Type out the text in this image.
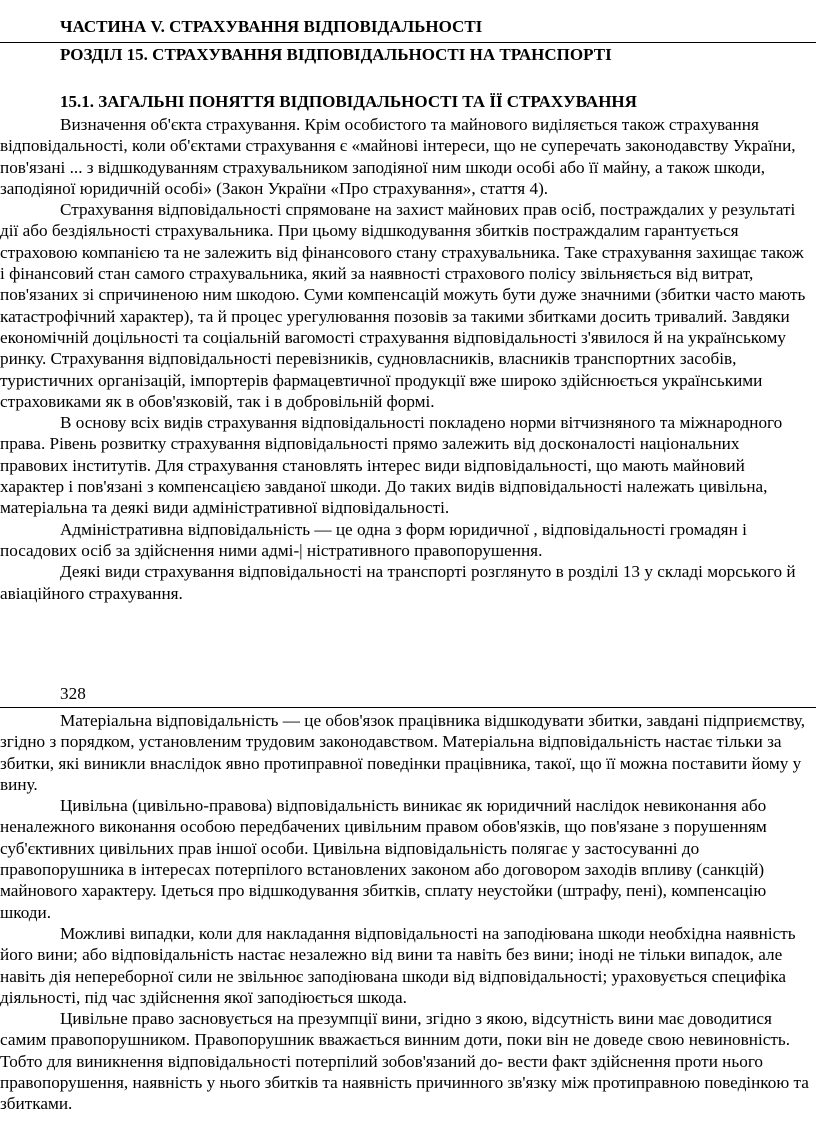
ЧАСТИНА V. СТРАХУВАННЯ ВІДПОВІДАЛЬНОСТІ
РОЗДІЛ 15. СТРАХУВАННЯ ВІДПОВІДАЛЬНОСТІ НА ТРАНСПОРТІ
15.1. ЗАГАЛЬНІ ПОНЯТТЯ ВІДПОВІДАЛЬНОСТІ ТА ЇЇ СТРАХУВАННЯ

Визначення об'єкта страхування. Крім особистого та майнового виділяється також страхування відповідальності, коли об'єктами страхування є «майнові інтереси, що не суперечать законодавству України, пов'язані ... з відшкодуванням страхувальником заподіяної ним шкоди особі або її майну, а також шкоди, заподіяної юридичній особі» (Закон України «Про страхування», стаття 4).

Страхування відповідальності спрямоване на захист майнових прав осіб, постраждалих у результаті дії або бездіяльності страхувальника. При цьому відшкодування збитків постраждалим гарантується страховою компанією та не залежить від фінансового стану страхувальника. Таке страхування захищає також і фінансовий стан самого страхувальника, який за наявності страхового полісу звільняється від витрат, пов'язаних зі спричиненою ним шкодою. Суми компенсацій можуть бути дуже значними (збитки часто мають катастрофічний характер), та й процес урегулювання позовів за такими збитками досить тривалий. Завдяки економічній доцільності та соціальній вагомості страхування відповідальності з'явилося й на українському ринку. Страхування відповідальності перевізників, судновласників, власників транспортних засобів, туристичних організацій, імпортерів фармацевтичної продукції вже широко здійснюється українськими страховиками як в обов'язковій, так і в добровільній формі.

В основу всіх видів страхування відповідальності покладено норми вітчизняного та міжнародного права. Рівень розвитку страхування відповідальності прямо залежить від досконалості національних правових інститутів. Для страхування становлять інтерес види відповідальності, що мають майновий характер і пов'язані з компенсацією завданої шкоди. До таких видів відповідальності належать цивільна, матеріальна та деякі види адміністративної відповідальності.

Адміністративна відповідальність — це одна з форм юридичної , відповідальності громадян і посадових осіб за здійснення ними адмі-| ністративного правопорушення.

Деякі види страхування відповідальності на транспорті розглянуто в розділі 13 у складі морського й авіаційного страхування.

328

Матеріальна відповідальність — це обов'язок працівника відшкодувати збитки, завдані підприємству, згідно з порядком, установленим трудовим законодавством. Матеріальна відповідальність настає тільки за збитки, які виникли внаслідок явно протиправної поведінки працівника, такої, що її можна поставити йому у вину.

Цивільна (цивільно-правова) відповідальність виникає як юридичний наслідок невиконання або неналежного виконання особою передбачених цивільним правом обов'язків, що пов'язане з порушенням суб'єктивних цивільних прав іншої особи. Цивільна відповідальність полягає у застосуванні до правопорушника в інтересах потерпілого встановлених законом або договором заходів впливу (санкцій) майнового характеру. Ідеться про відшкодування збитків, сплату неустойки (штрафу, пені), компенсацію шкоди.

Можливі випадки, коли для накладання відповідальності на заподіювана шкоди необхідна наявність його вини; або відповідальність настає незалежно від вини та навіть без вини; іноді не тільки випадок, але навіть дія непереборної сили не звільнює заподіювана шкоди від відповідальності; ураховується специфіка діяльності, під час здійснення якої заподіюється шкода.

Цивільне право засновується на презумпції вини, згідно з якою, відсутність вини має доводитися самим правопорушником. Правопорушник вважається винним доти, поки він не доведе свою невиновність. Тобто для виникнення відповідальності потерпілий зобов'язаний до- вести факт здійснення проти нього правопорушення, наявність у нього збитків та наявність причинного зв'язку між протиправною поведінкою та збитками.
